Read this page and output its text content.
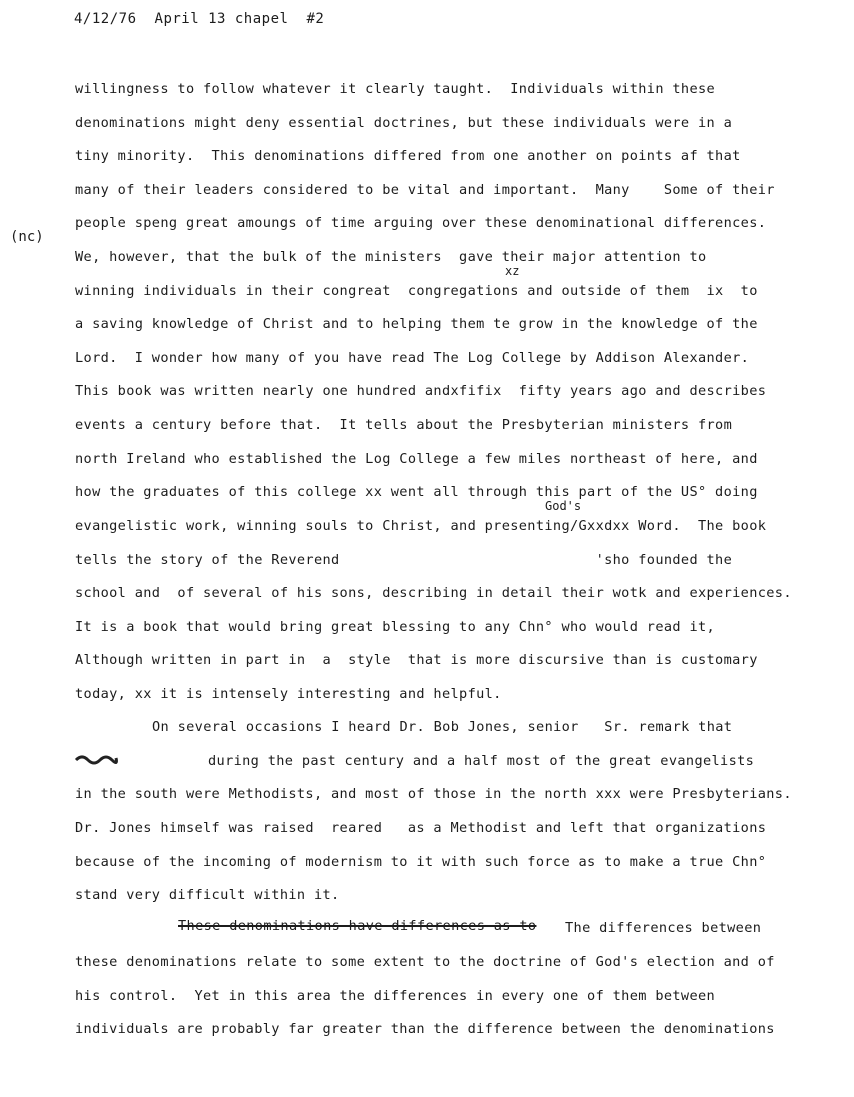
4/12/76 April 13 chapel #2
(nc)
willingness to follow whatever it clearly taught.  Individuals within these
denominations might deny essential doctrines, but these individuals were in a
tiny minority.  This denominations differed from one another on points af that
many of their leaders considered to be vital and important.  Many    Some of their
people speng great amoungs of time arguing over these denominational differences.
We, however, that the bulk of the ministers  gave their major attention to
xz
winning individuals in their congreat  congregations and outside of them  ix  to
a saving knowledge of Christ and to helping them te grow in the knowledge of the
Lord.  I wonder how many of you have read The Log College by Addison Alexander.
This book was written nearly one hundred andxfifix  fifty years ago and describes
events a century before that.  It tells about the Presbyterian ministers from
north Ireland who established the Log College a few miles northeast of here, and
how the graduates of this college xx went all through this part of the US° doing
God's
evangelistic work, winning souls to Christ, and presenting/Gxxdxx Word.  The book
tells the story of the Reverend                              'sho founded the
school and  of several of his sons, describing in detail their wotk and experiences.
It is a book that would bring great blessing to any Chn° who would read it,
Although written in part in  a  style  that is more discursive than is customary
today, xx it is intensely interesting and helpful.
On several occasions I heard Dr. Bob Jones, senior   Sr. remark that
during the past century and a half most of the great evangelists
in the south were Methodists, and most of those in the north xxx were Presbyterians.
Dr. Jones himself was raised  reared   as a Methodist and left that organizations
because of the incoming of modernism to it with such force as to make a true Chn°
stand very difficult within it.
These denominations have differences as to The differences between
these denominations relate to some extent to the doctrine of God's election and of
his control.  Yet in this area the differences in every one of them between
individuals are probably far greater than the difference between the denominations
